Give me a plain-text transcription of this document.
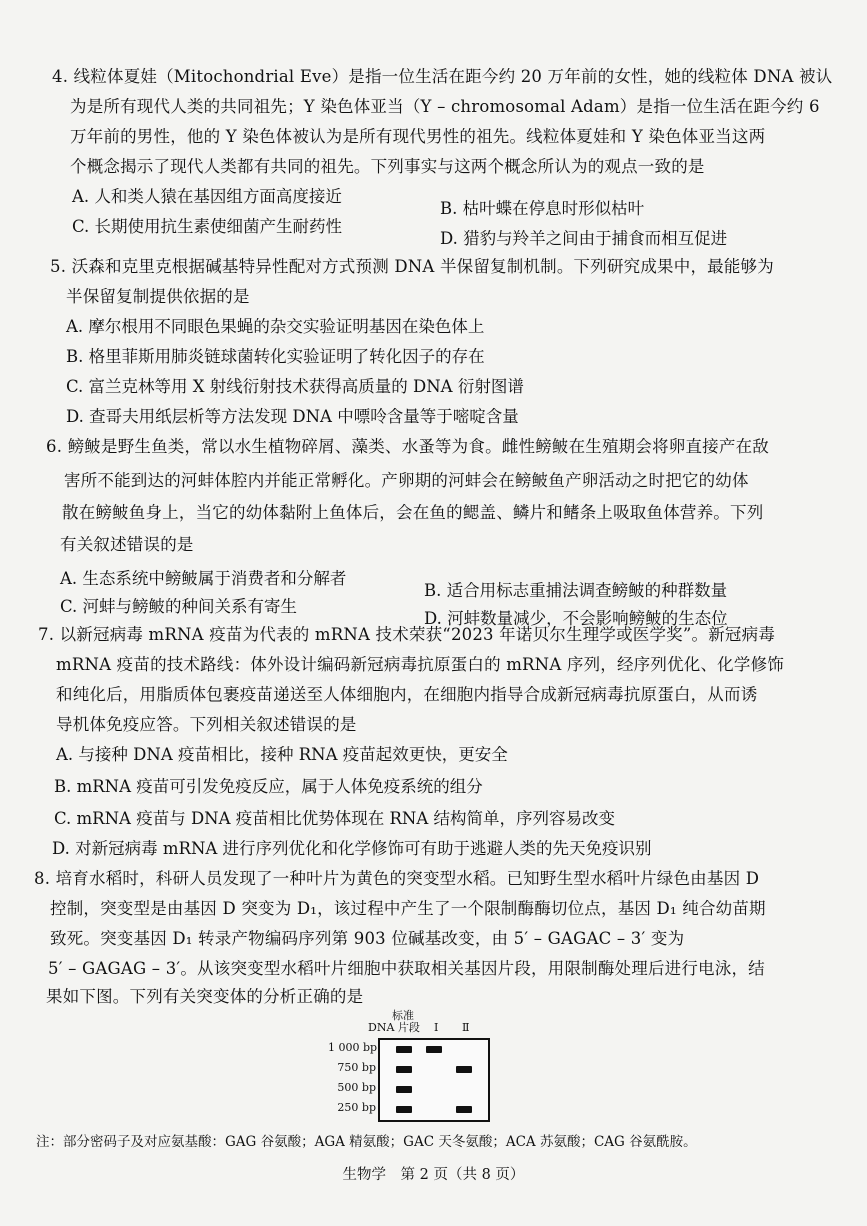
4. 线粒体夏娃（Mitochondrial Eve）是指一位生活在距今约 20 万年前的女性，她的线粒体 DNA 被认
为是所有现代人类的共同祖先；Y 染色体亚当（Y – chromosomal Adam）是指一位生活在距今约 6
万年前的男性，他的 Y 染色体被认为是所有现代男性的祖先。线粒体夏娃和 Y 染色体亚当这两
个概念揭示了现代人类都有共同的祖先。下列事实与这两个概念所认为的观点一致的是
A. 人和类人猿在基因组方面高度接近
B. 枯叶蝶在停息时形似枯叶
C. 长期使用抗生素使细菌产生耐药性
D. 猎豹与羚羊之间由于捕食而相互促进
5. 沃森和克里克根据碱基特异性配对方式预测 DNA 半保留复制机制。下列研究成果中，最能够为
半保留复制提供依据的是
A. 摩尔根用不同眼色果蝇的杂交实验证明基因在染色体上
B. 格里菲斯用肺炎链球菌转化实验证明了转化因子的存在
C. 富兰克林等用 X 射线衍射技术获得高质量的 DNA 衍射图谱
D. 查哥夫用纸层析等方法发现 DNA 中嘌呤含量等于嘧啶含量
6. 鳑鲏是野生鱼类，常以水生植物碎屑、藻类、水蚤等为食。雌性鳑鲏在生殖期会将卵直接产在敌
害所不能到达的河蚌体腔内并能正常孵化。产卵期的河蚌会在鳑鲏鱼产卵活动之时把它的幼体
散在鳑鲏鱼身上，当它的幼体黏附上鱼体后，会在鱼的鳃盖、鳞片和鳍条上吸取鱼体营养。下列
有关叙述错误的是
A. 生态系统中鳑鲏属于消费者和分解者
B. 适合用标志重捕法调查鳑鲏的种群数量
C. 河蚌与鳑鲏的种间关系有寄生
D. 河蚌数量减少，不会影响鳑鲏的生态位
7. 以新冠病毒 mRNA 疫苗为代表的 mRNA 技术荣获“2023 年诺贝尔生理学或医学奖”。新冠病毒
mRNA 疫苗的技术路线：体外设计编码新冠病毒抗原蛋白的 mRNA 序列，经序列优化、化学修饰
和纯化后，用脂质体包裹疫苗递送至人体细胞内，在细胞内指导合成新冠病毒抗原蛋白，从而诱
导机体免疫应答。下列相关叙述错误的是
A. 与接种 DNA 疫苗相比，接种 RNA 疫苗起效更快，更安全
B. mRNA 疫苗可引发免疫反应，属于人体免疫系统的组分
C. mRNA 疫苗与 DNA 疫苗相比优势体现在 RNA 结构简单，序列容易改变
D. 对新冠病毒 mRNA 进行序列优化和化学修饰可有助于逃避人类的先天免疫识别
8. 培育水稻时，科研人员发现了一种叶片为黄色的突变型水稻。已知野生型水稻叶片绿色由基因 D
控制，突变型是由基因 D 突变为 D₁，该过程中产生了一个限制酶酶切位点，基因 D₁ 纯合幼苗期
致死。突变基因 D₁ 转录产物编码序列第 903 位碱基改变，由 5′ – GAGAC – 3′ 变为
5′ – GAGAG – 3′。从该突变型水稻叶片细胞中获取相关基因片段，用限制酶处理后进行电泳，结
果如下图。下列有关突变体的分析正确的是
标准
DNA 片段 Ⅰ Ⅱ
1 000 bp
750 bp
500 bp
250 bp
注：部分密码子及对应氨基酸：GAG 谷氨酸；AGA 精氨酸；GAC 天冬氨酸；ACA 苏氨酸；CAG 谷氨酰胺。
生物学　第 2 页（共 8 页）
